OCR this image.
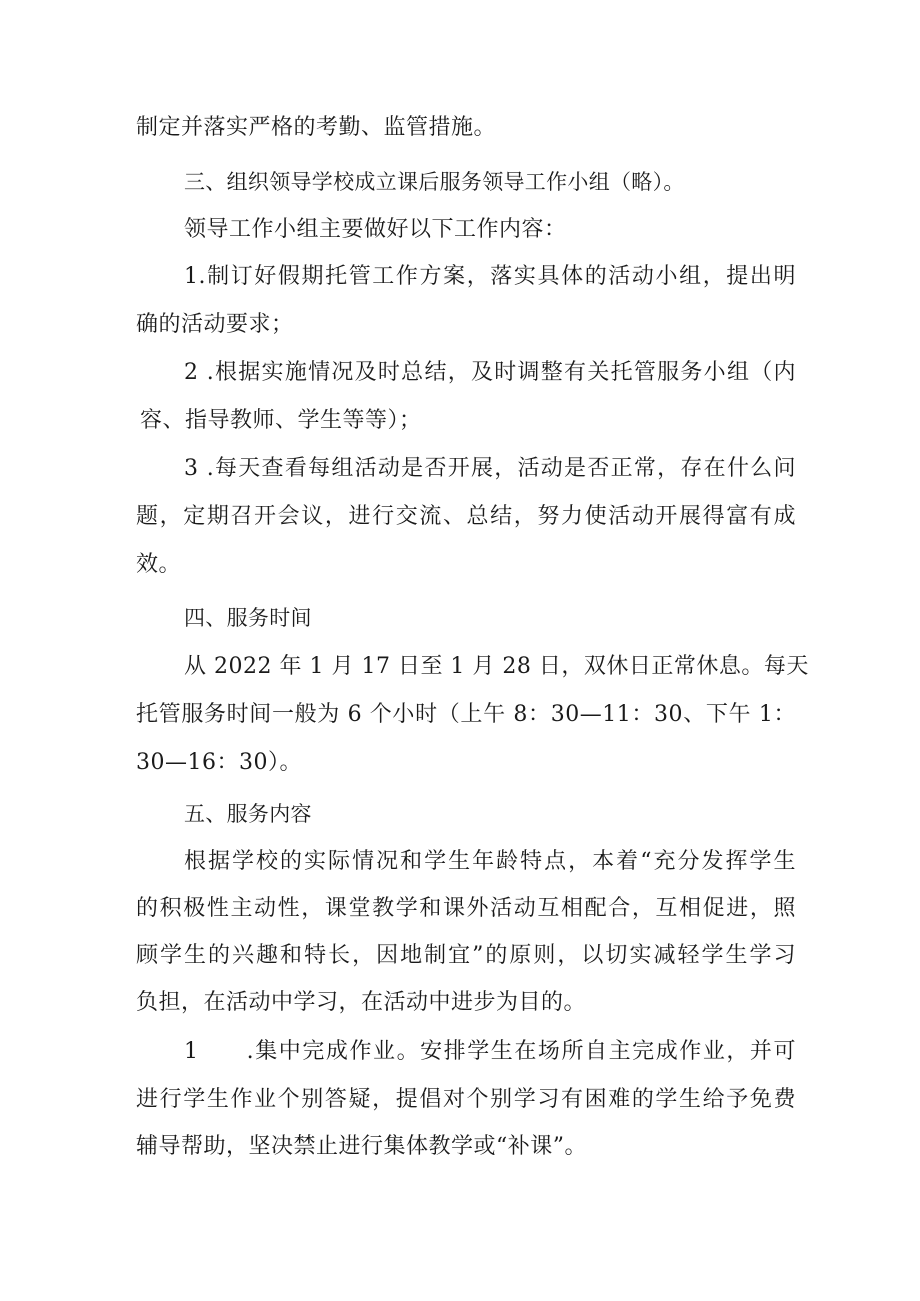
制定并落实严格的考勤、监管措施。
三、组织领导学校成立课后服务领导工作小组（略）。
领导工作小组主要做好以下工作内容：
1.制订好假期托管工作方案，落实具体的活动小组，提出明
确的活动要求；
2 .根据实施情况及时总结，及时调整有关托管服务小组（内
容、指导教师、学生等等）；
3 .每天查看每组活动是否开展，活动是否正常，存在什么问
题，定期召开会议，进行交流、总结，努力使活动开展得富有成
效。
四、服务时间
从 2022 年 1 月 17 日至 1 月 28 日，双休日正常休息。每天
托管服务时间一般为 6 个小时（上午 8：30—11：30、下午 1：
30—16：30）。
五、服务内容
根据学校的实际情况和学生年龄特点，本着“充分发挥学生
的积极性主动性，课堂教学和课外活动互相配合，互相促进，照
顾学生的兴趣和特长，因地制宜”的原则，以切实减轻学生学习
负担，在活动中学习，在活动中进步为目的。
1　　.集中完成作业。安排学生在场所自主完成作业，并可
进行学生作业个别答疑，提倡对个别学习有困难的学生给予免费
辅导帮助，坚决禁止进行集体教学或“补课”。
